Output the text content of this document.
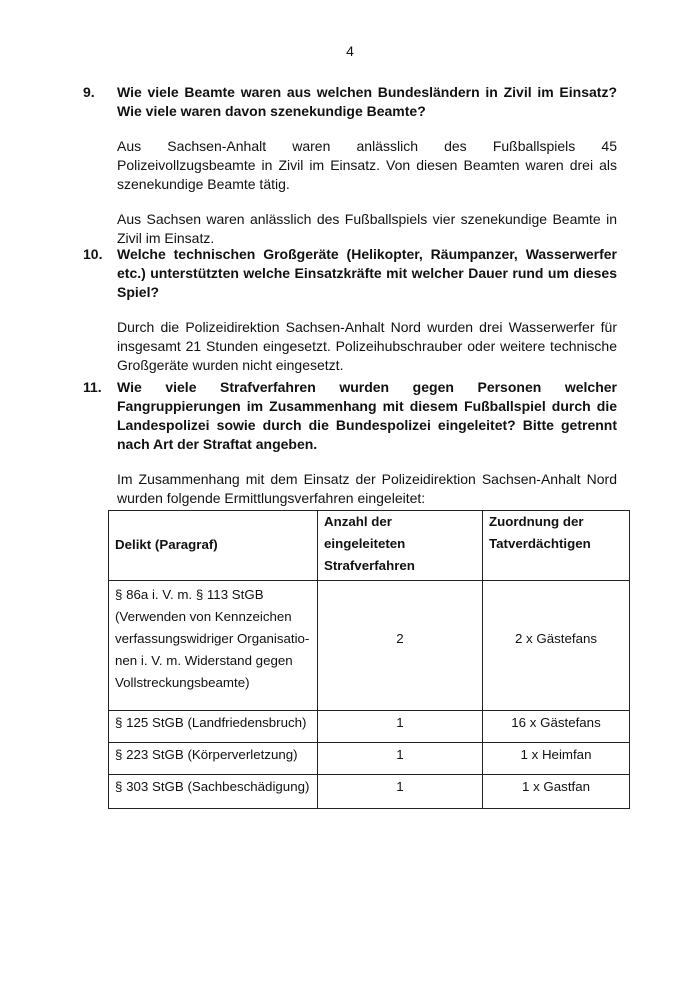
4
9. Wie viele Beamte waren aus welchen Bundesländern in Zivil im Einsatz? Wie viele waren davon szenekundige Beamte?
Aus Sachsen-Anhalt waren anlässlich des Fußballspiels 45 Polizeivollzugsbeamte in Zivil im Einsatz. Von diesen Beamten waren drei als szenekundige Beamte tätig.
Aus Sachsen waren anlässlich des Fußballspiels vier szenekundige Beamte in Zivil im Einsatz.
10. Welche technischen Großgeräte (Helikopter, Räumpanzer, Wasserwerfer etc.) unterstützten welche Einsatzkräfte mit welcher Dauer rund um dieses Spiel?
Durch die Polizeidirektion Sachsen-Anhalt Nord wurden drei Wasserwerfer für insgesamt 21 Stunden eingesetzt. Polizeihubschrauber oder weitere technische Großgeräte wurden nicht eingesetzt.
11. Wie viele Strafverfahren wurden gegen Personen welcher Fangruppierungen im Zusammenhang mit diesem Fußballspiel durch die Landespolizei sowie durch die Bundespolizei eingeleitet? Bitte getrennt nach Art der Straftat angeben.
Im Zusammenhang mit dem Einsatz der Polizeidirektion Sachsen-Anhalt Nord wurden folgende Ermittlungsverfahren eingeleitet:
Delikt (Paragraf)	Anzahl der eingeleiteten Strafverfahren	Zuordnung der Tatverdächtigen

§ 86a i. V. m. § 113 StGB
(Verwenden von Kennzeichen
verfassungswidriger Organisatio-
nen i. V. m. Widerstand gegen
Vollstreckungsbeamte)	2	2 x Gästefans
§ 125 StGB (Landfriedensbruch)	1	16 x Gästefans
§ 223 StGB (Körperverletzung)	1	1 x Heimfan
§ 303 StGB (Sachbeschädigung)	1	1 x Gastfan
